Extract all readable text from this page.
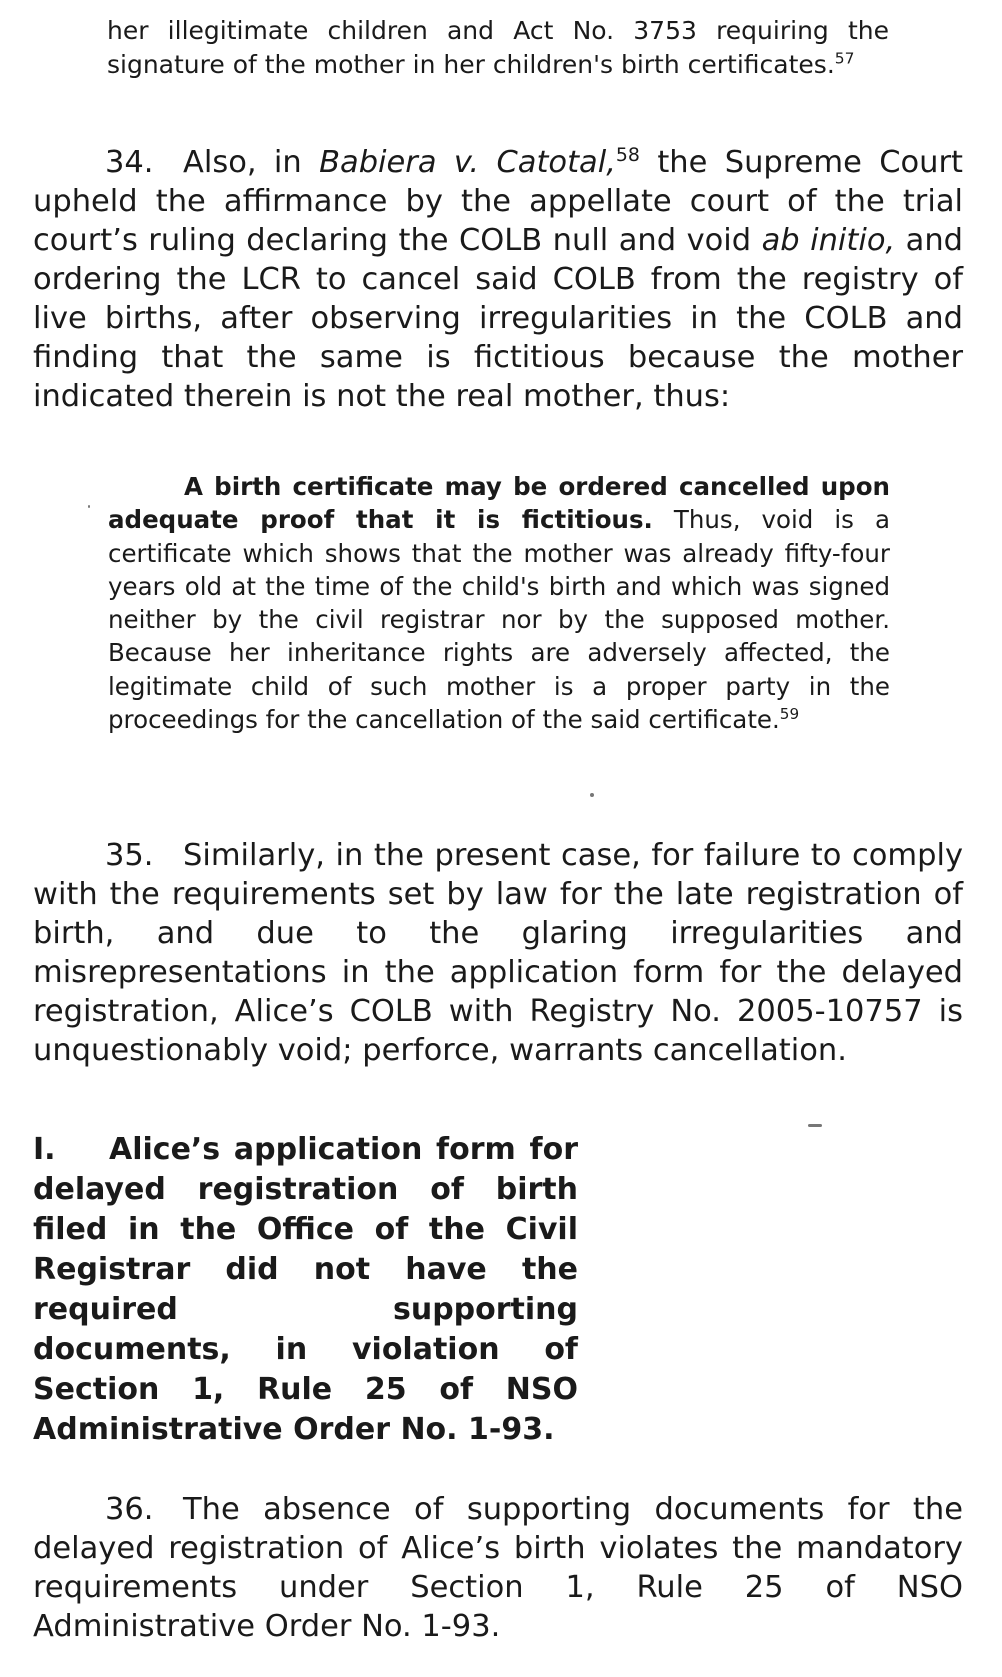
her illegitimate children and Act No. 3753 requiring the signature of the mother in her children's birth certificates.$^{57}$
34. Also, in Babiera v. Catotal,$^{58}$ the Supreme Court upheld the affirmance by the appellate court of the trial court’s ruling declaring the COLB null and void ab initio, and ordering the LCR to cancel said COLB from the registry of live births, after observing irregularities in the COLB and finding that the same is fictitious because the mother indicated therein is not the real mother, thus:
A birth certificate may be ordered cancelled upon adequate proof that it is fictitious. Thus, void is a certificate which shows that the mother was already fifty-four years old at the time of the child's birth and which was signed neither by the civil registrar nor by the supposed mother. Because her inheritance rights are adversely affected, the legitimate child of such mother is a proper party in the proceedings for the cancellation of the said certificate.$^{59}$
35. Similarly, in the present case, for failure to comply with the requirements set by law for the late registration of birth, and due to the glaring irregularities and misrepresentations in the application form for the delayed registration, Alice’s COLB with Registry No. 2005-10757 is unquestionably void; perforce, warrants cancellation.
I. Alice’s application form for delayed registration of birth filed in the Office of the Civil Registrar did not have the required supporting documents, in violation of Section 1, Rule 25 of NSO Administrative Order No. 1-93.
36. The absence of supporting documents for the delayed registration of Alice’s birth violates the mandatory requirements under Section 1, Rule 25 of NSO Administrative Order No. 1-93.
